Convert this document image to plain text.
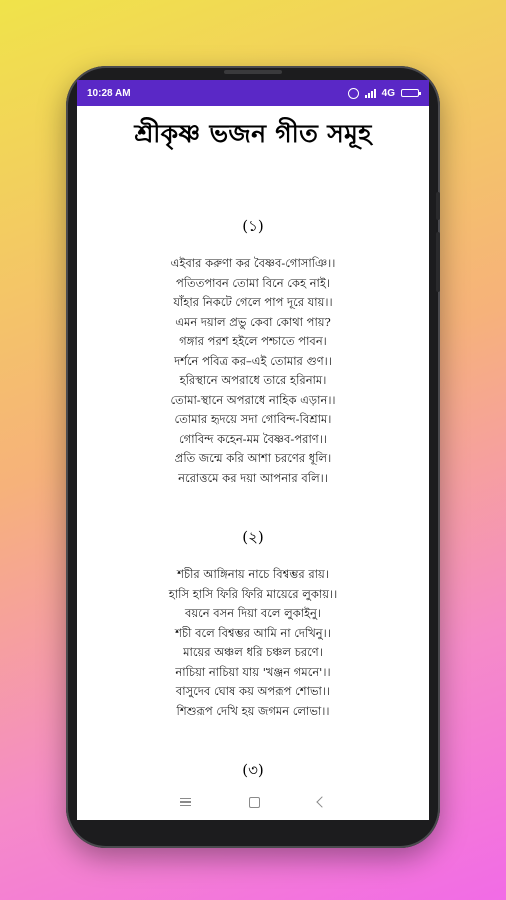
10:28 AM	4G
শ্রীকৃষ্ণ ভজন গীত সমূহ

(১)

এইবার করুণা কর বৈষ্ণব-গোসাঞি।।

পতিতপাবন তোমা বিনে কেহ নাই।

যাঁহার নিকটে গেলে পাপ দূরে যায়।।

এমন দয়াল প্রভু কেবা কোথা পায়?

গঙ্গার পরশ হইলে পশ্চাতে পাবন।

দর্শনে পবিত্র কর–এই তোমার গুণ।।

হরিস্থানে অপরাধে তারে হরিনাম।

তোমা-স্থানে অপরাধে নাহিক এড়ান।।

তোমার হৃদয়ে সদা গোবিন্দ-বিশ্রাম।

গোবিন্দ কহেন-মম বৈষ্ণব-পরাণ।।

প্রতি জন্মে করি আশা চরণের ধূলি।

নরোত্তমে কর দয়া আপনার বলি।।

(২)

শচীর আঙ্গিনায় নাচে বিশ্বম্ভর রায়।

হাসি হাসি ফিরি ফিরি মায়েরে লুকায়।।

বয়নে বসন দিয়া বলে লুকাইনু।

শচী বলে বিশ্বম্ভর আমি না দেখিনু।।

মায়ের অঞ্চল ধরি চঞ্চল চরণে।

নাচিয়া নাচিয়া যায় 'খঞ্জন গমনে'।।

বাসুদেব ঘোষ কয় অপরূপ শোভা।।

শিশুরূপ দেখি হয় জগমন লোভা।।

(৩)
